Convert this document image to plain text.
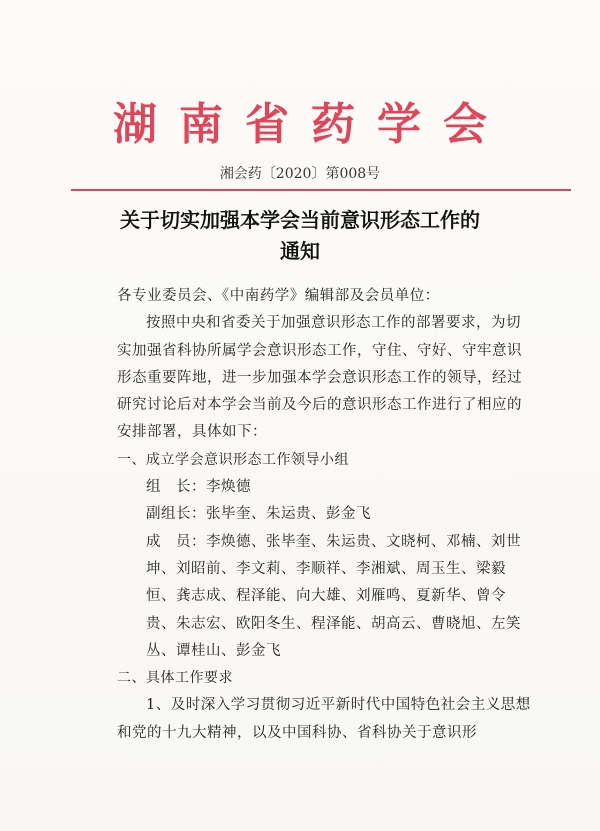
湖南省药学会
湘会药〔2020〕第008号
关于切实加强本学会当前意识形态工作的
通知

各专业委员会、《中南药学》编辑部及会员单位：

按照中央和省委关于加强意识形态工作的部署要求，为切实加强省科协所属学会意识形态工作，守住、守好、守牢意识形态重要阵地，进一步加强本学会意识形态工作的领导，经过研究讨论后对本学会当前及今后的意识形态工作进行了相应的安排部署，具体如下：

一、成立学会意识形态工作领导小组

组　长：李焕德

副组长：张毕奎、朱运贵、彭金飞

成　员：李焕德、张毕奎、朱运贵、文晓柯、邓楠、刘世坤、刘昭前、李文莉、李顺祥、李湘斌、周玉生、梁毅恒、龚志成、程泽能、向大雄、刘雁鸣、夏新华、曾令贵、朱志宏、欧阳冬生、程泽能、胡高云、曹晓旭、左笑丛、谭桂山、彭金飞

二、具体工作要求

1、及时深入学习贯彻习近平新时代中国特色社会主义思想和党的十九大精神，以及中国科协、省科协关于意识形
